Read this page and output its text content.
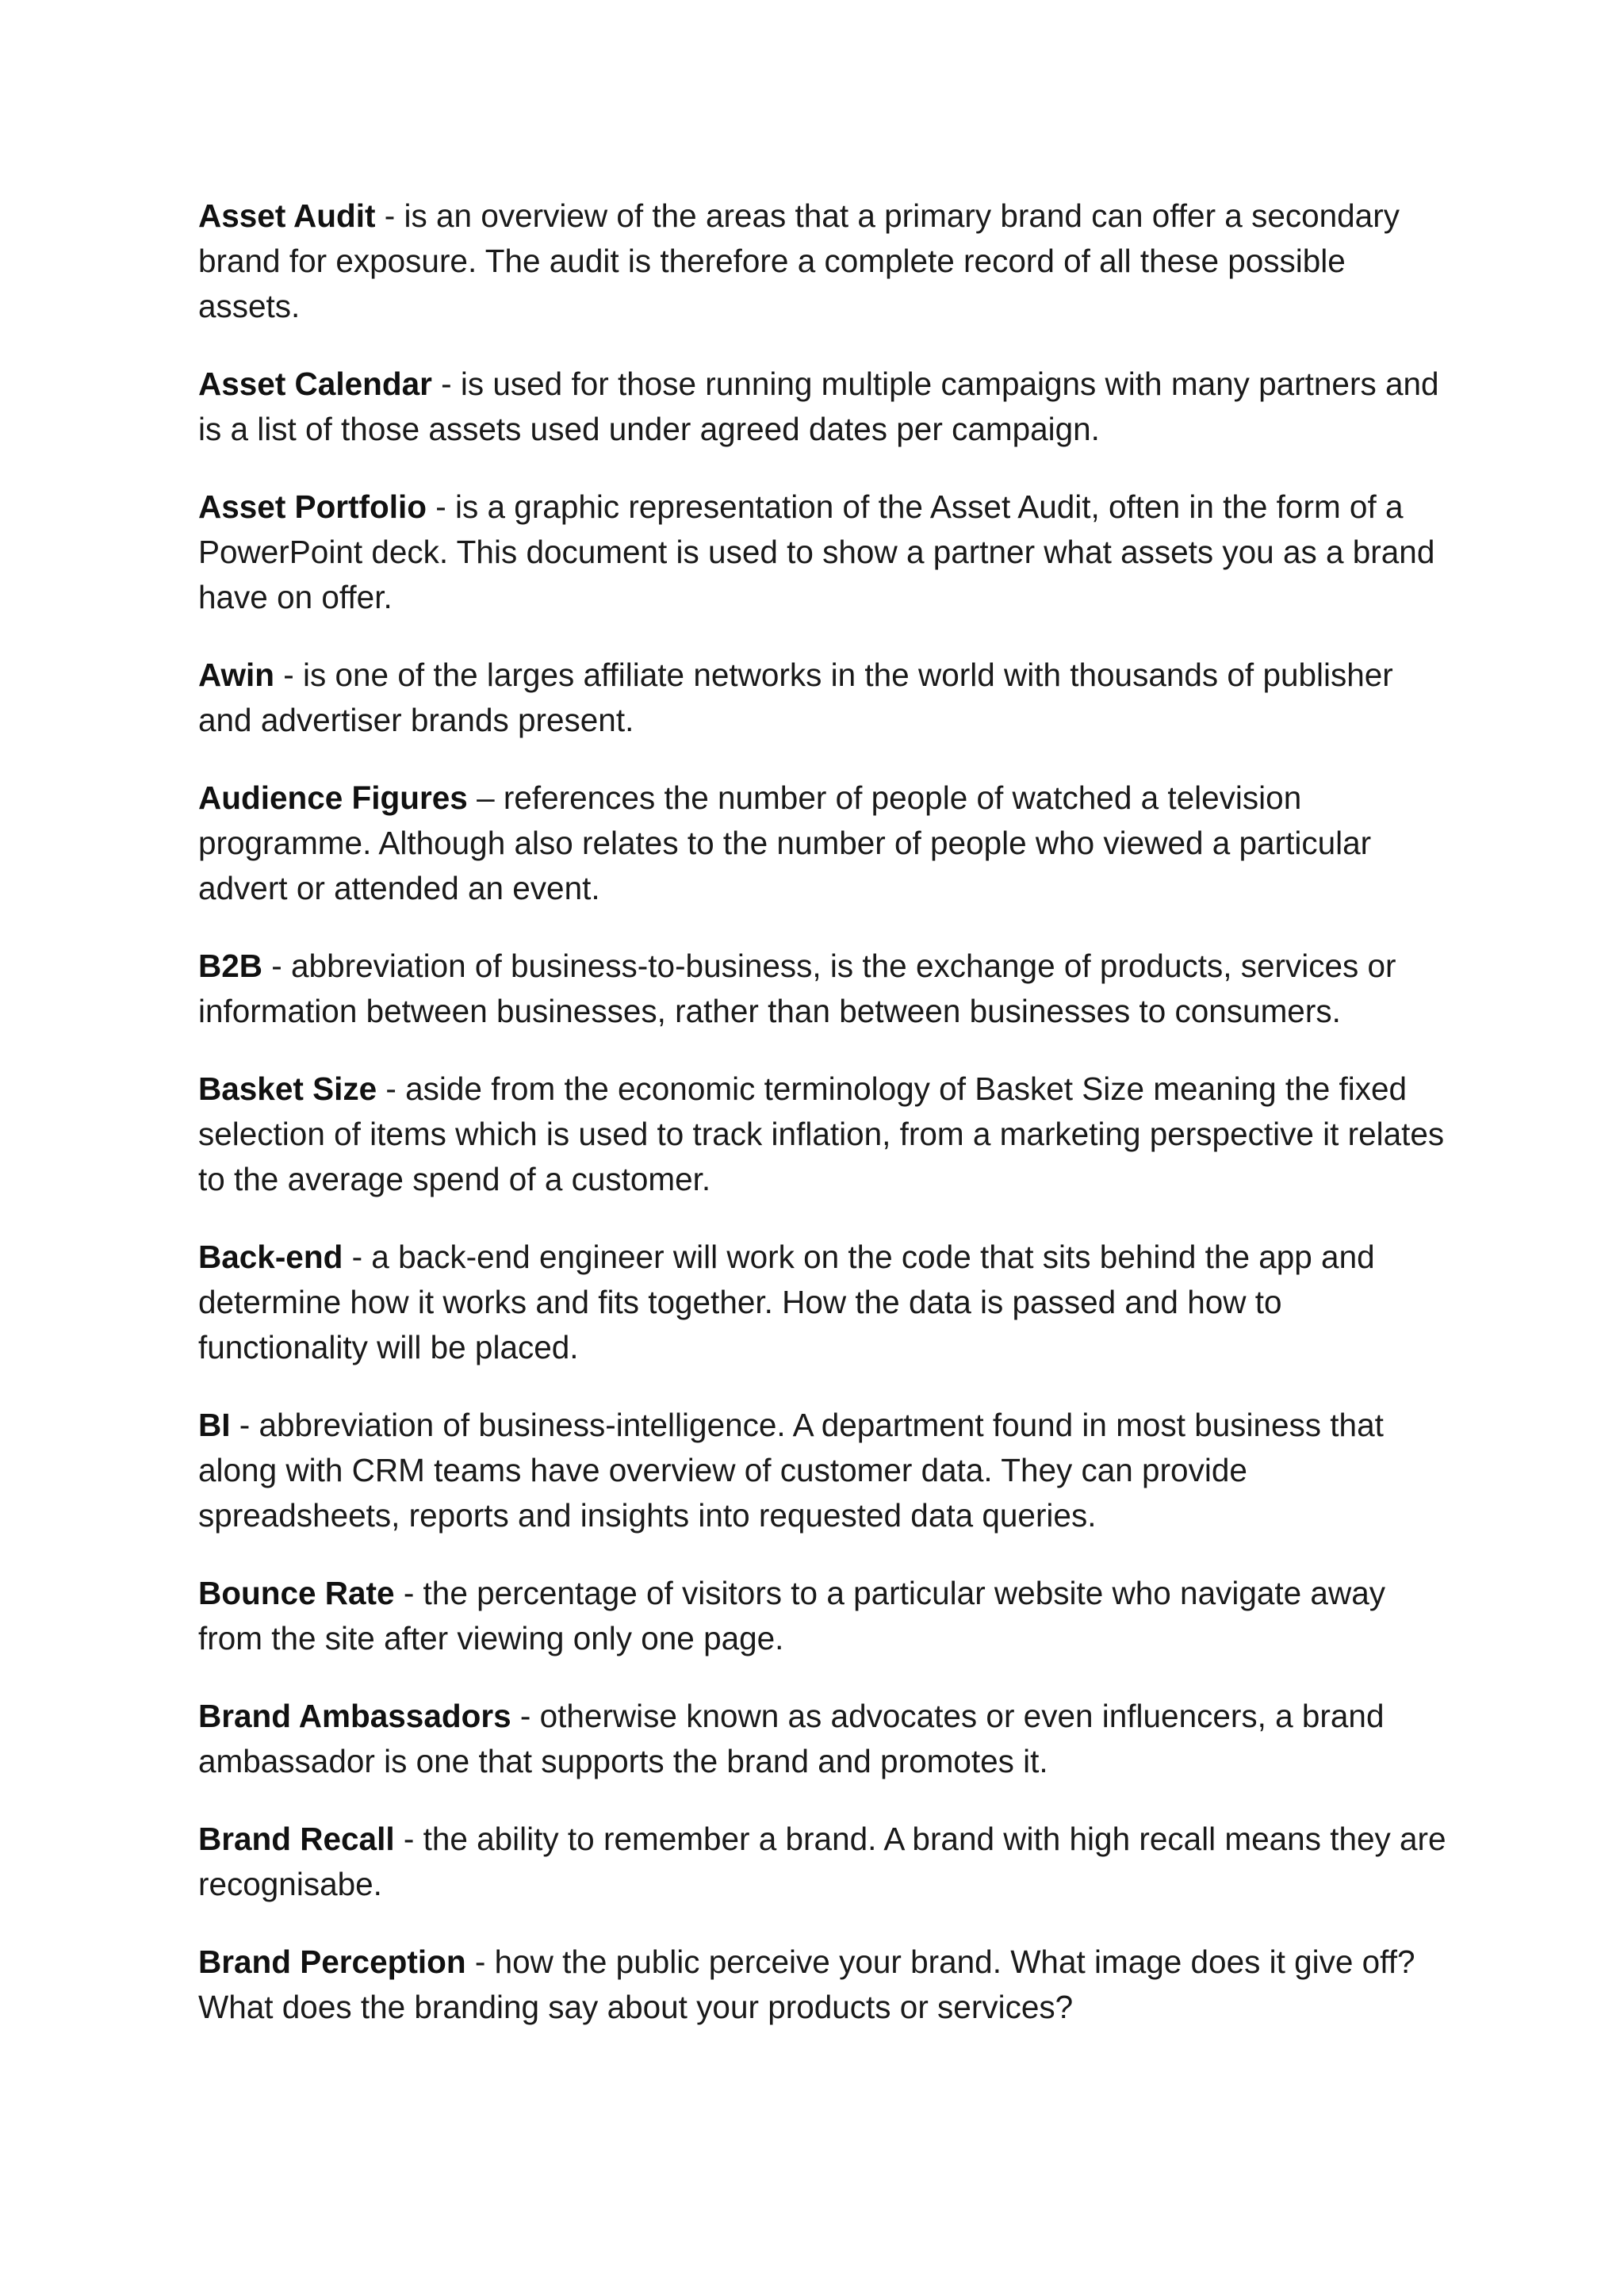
Asset Audit - is an overview of the areas that a primary brand can offer a secondary brand for exposure. The audit is therefore a complete record of all these possible assets.

Asset Calendar - is used for those running multiple campaigns with many partners and is a list of those assets used under agreed dates per campaign.

Asset Portfolio - is a graphic representation of the Asset Audit, often in the form of a PowerPoint deck. This document is used to show a partner what assets you as a brand have on offer.

Awin - is one of the larges affiliate networks in the world with thousands of publisher and advertiser brands present.

Audience Figures – references the number of people of watched a television programme. Although also relates to the number of people who viewed a particular advert or attended an event.

B2B - abbreviation of business-to-business, is the exchange of products, services or information between businesses, rather than between businesses to consumers.

Basket Size - aside from the economic terminology of Basket Size meaning the fixed selection of items which is used to track inflation, from a marketing perspective it relates to the average spend of a customer.

Back-end - a back-end engineer will work on the code that sits behind the app and determine how it works and fits together. How the data is passed and how to functionality will be placed.

BI - abbreviation of business-intelligence. A department found in most business that along with CRM teams have overview of customer data. They can provide spreadsheets, reports and insights into requested data queries.

Bounce Rate - the percentage of visitors to a particular website who navigate away from the site after viewing only one page.

Brand Ambassadors - otherwise known as advocates or even influencers, a brand ambassador is one that supports the brand and promotes it.

Brand Recall - the ability to remember a brand. A brand with high recall means they are recognisabe.

Brand Perception - how the public perceive your brand. What image does it give off? What does the branding say about your products or services?
